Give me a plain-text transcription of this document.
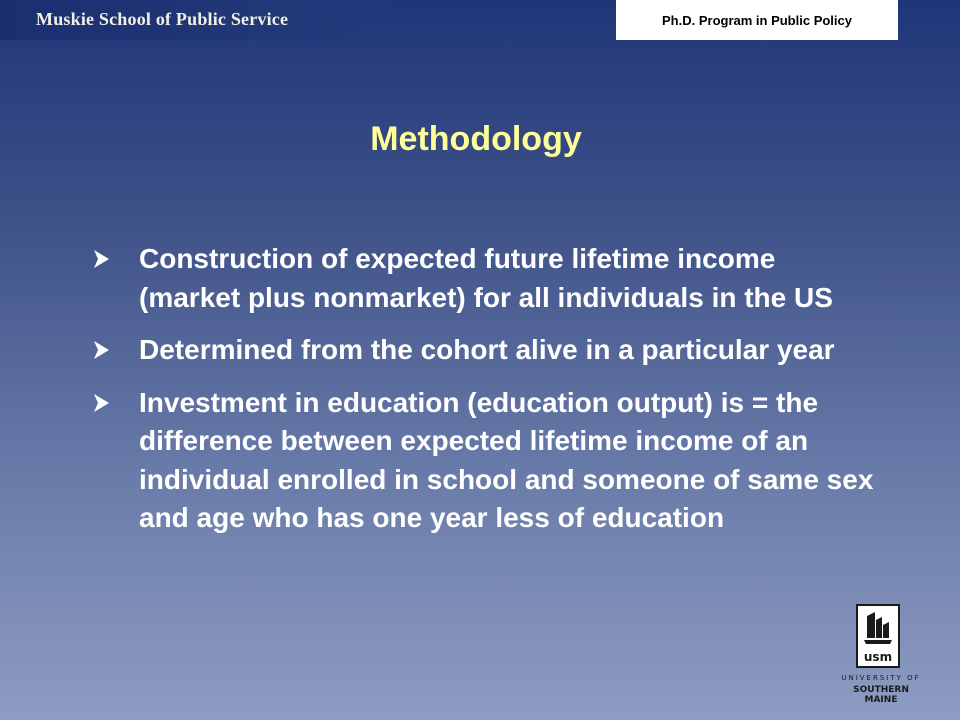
Muskie School of Public Service	Ph.D. Program in Public Policy
Methodology
Construction of expected future lifetime income (market plus nonmarket) for all individuals in the US
Determined from the cohort alive in a particular year
Investment in education (education output) is = the difference between expected lifetime income of an individual enrolled in school and someone of same sex and age who has one year less of education
usm
UNIVERSITY OF
SOUTHERN MAINE
